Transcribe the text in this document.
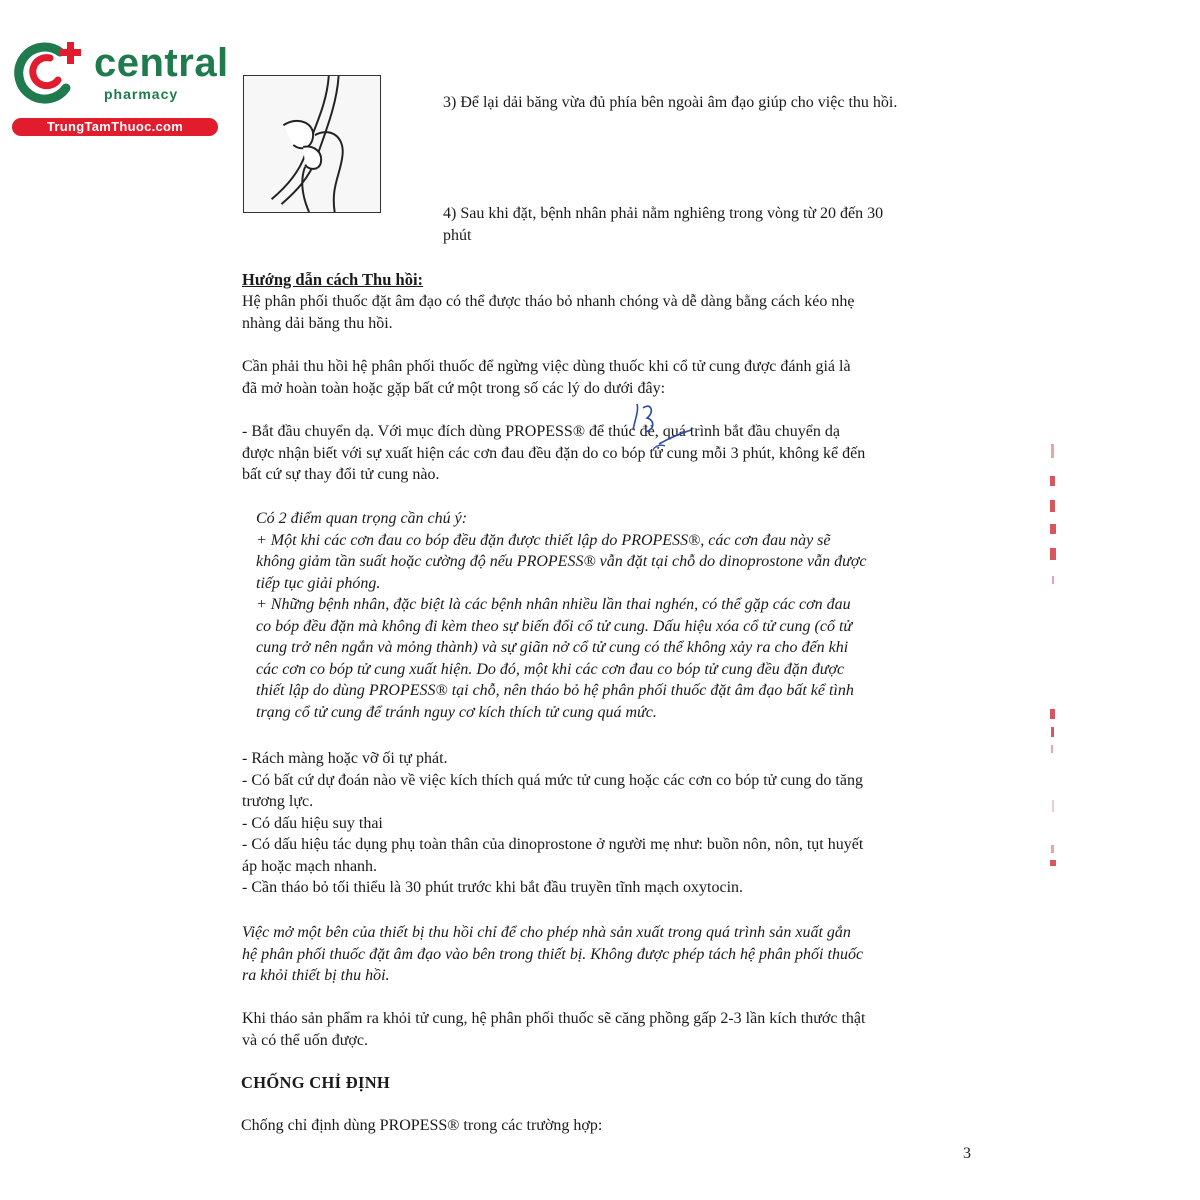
central
pharmacy
TrungTamThuoc.com
3) Để lại dải băng vừa đủ phía bên ngoài âm đạo giúp cho việc thu hồi.
4) Sau khi đặt, bệnh nhân phải nằm nghiêng trong vòng từ 20 đến 30
phút
Hướng dẫn cách Thu hồi:
Hệ phân phối thuốc đặt âm đạo có thể được tháo bỏ nhanh chóng và dễ dàng bằng cách kéo nhẹ
nhàng dải băng thu hồi.
Cần phải thu hồi hệ phân phối thuốc để ngừng việc dùng thuốc khi cổ tử cung được đánh giá là
đã mở hoàn toàn hoặc gặp bất cứ một trong số các lý do dưới đây:
- Bắt đầu chuyển dạ. Với mục đích dùng PROPESS® để thúc đẻ, quá trình bắt đầu chuyển dạ
được nhận biết với sự xuất hiện các cơn đau đều đặn do co bóp tử cung mỗi 3 phút, không kể đến
bất cứ sự thay đổi tử cung nào.
Có 2 điểm quan trọng cần chú ý:
+ Một khi các cơn đau co bóp đều đặn được thiết lập do PROPESS®, các cơn đau này sẽ
không giảm tần suất hoặc cường độ nếu PROPESS® vẫn đặt tại chỗ do dinoprostone vẫn được
tiếp tục giải phóng.
+ Những bệnh nhân, đặc biệt là các bệnh nhân nhiều lần thai nghén, có thể gặp các cơn đau
co bóp đều đặn mà không đi kèm theo sự biến đổi cổ tử cung. Dấu hiệu xóa cổ tử cung (cổ tử
cung trở nên ngắn và mỏng thành) và sự giãn nở cổ tử cung có thể không xảy ra cho đến khi
các cơn co bóp tử cung xuất hiện. Do đó, một khi các cơn đau co bóp tử cung đều đặn được
thiết lập do dùng PROPESS® tại chỗ, nên tháo bỏ hệ phân phối thuốc đặt âm đạo bất kể tình
trạng cổ tử cung để tránh nguy cơ kích thích tử cung quá mức.
- Rách màng hoặc vỡ ối tự phát.
- Có bất cứ dự đoán nào về việc kích thích quá mức tử cung hoặc các cơn co bóp tử cung do tăng
trương lực.
- Có dấu hiệu suy thai
- Có dấu hiệu tác dụng phụ toàn thân của dinoprostone ở người mẹ như: buồn nôn, nôn, tụt huyết
áp hoặc mạch nhanh.
- Cần tháo bỏ tối thiểu là 30 phút trước khi bắt đầu truyền tĩnh mạch oxytocin.
Việc mở một bên của thiết bị thu hồi chỉ để cho phép nhà sản xuất trong quá trình sản xuất gắn
hệ phân phối thuốc đặt âm đạo vào bên trong thiết bị. Không được phép tách hệ phân phối thuốc
ra khỏi thiết bị thu hồi.
Khi tháo sản phẩm ra khỏi tử cung, hệ phân phối thuốc sẽ căng phồng gấp 2-3 lần kích thước thật
và có thể uốn được.
CHỐNG CHỈ ĐỊNH
Chống chỉ định dùng PROPESS® trong các trường hợp:
3
